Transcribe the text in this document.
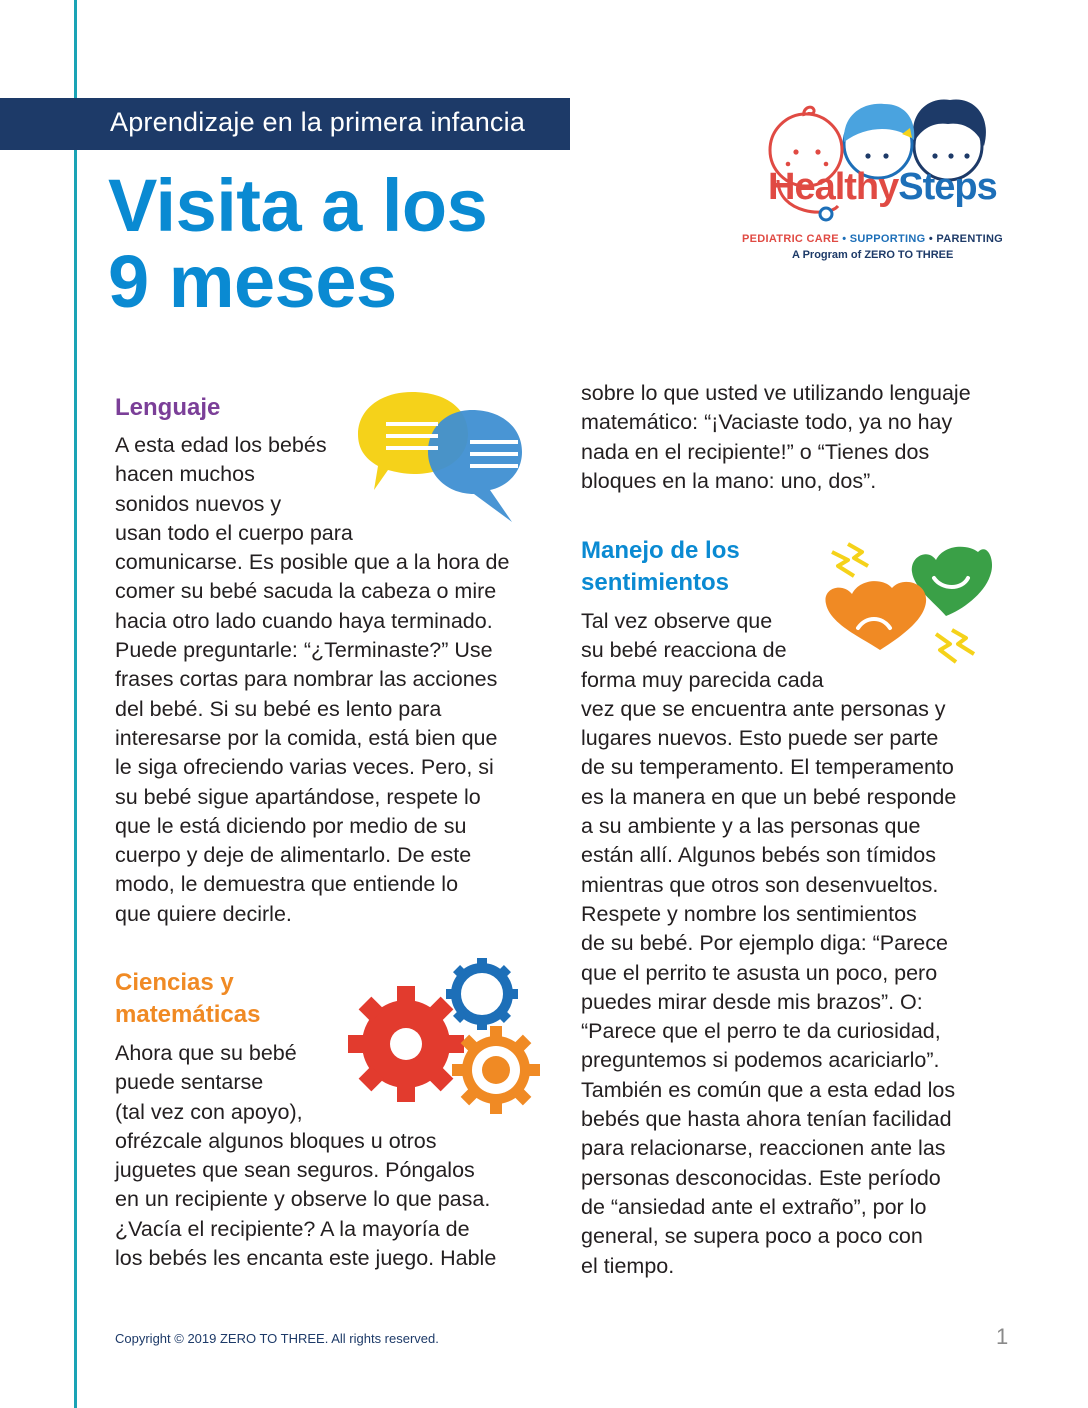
Aprendizaje en la primera infancia
Visita a los
9 meses
HealthySteps
PEDIATRIC CARE • SUPPORTING • PARENTING
A Program of ZERO TO THREE
Lenguaje
A esta edad los bebés
hacen muchos
sonidos nuevos y
usan todo el cuerpo para
comunicarse. Es posible que a la hora de
comer su bebé sacuda la cabeza o mire
hacia otro lado cuando haya terminado.
Puede preguntarle: “¿Terminaste?” Use
frases cortas para nombrar las acciones
del bebé. Si su bebé es lento para
interesarse por la comida, está bien que
le siga ofreciendo varias veces. Pero, si
su bebé sigue apartándose, respete lo
que le está diciendo por medio de su
cuerpo y deje de alimentarlo. De este
modo, le demuestra que entiende lo
que quiere decirle.
Ciencias y
matemáticas
Ahora que su bebé
puede sentarse
(tal vez con apoyo),
ofrézcale algunos bloques u otros
juguetes que sean seguros. Póngalos
en un recipiente y observe lo que pasa.
¿Vacía el recipiente? A la mayoría de
los bebés les encanta este juego. Hable
sobre lo que usted ve utilizando lenguaje
matemático: “¡Vaciaste todo, ya no hay
nada en el recipiente!” o “Tienes dos
bloques en la mano: uno, dos”.
Manejo de los
sentimientos
Tal vez observe que
su bebé reacciona de
forma muy parecida cada
vez que se encuentra ante personas y
lugares nuevos. Esto puede ser parte
de su temperamento. El temperamento
es la manera en que un bebé responde
a su ambiente y a las personas que
están allí. Algunos bebés son tímidos
mientras que otros son desenvueltos.
Respete y nombre los sentimientos
de su bebé. Por ejemplo diga: “Parece
que el perrito te asusta un poco, pero
puedes mirar desde mis brazos”. O:
“Parece que el perro te da curiosidad,
preguntemos si podemos acariciarlo”.
También es común que a esta edad los
bebés que hasta ahora tenían facilidad
para relacionarse, reaccionen ante las
personas desconocidas. Este período
de “ansiedad ante el extraño”, por lo
general, se supera poco a poco con
el tiempo.
Copyright © 2019 ZERO TO THREE. All rights reserved.	1
